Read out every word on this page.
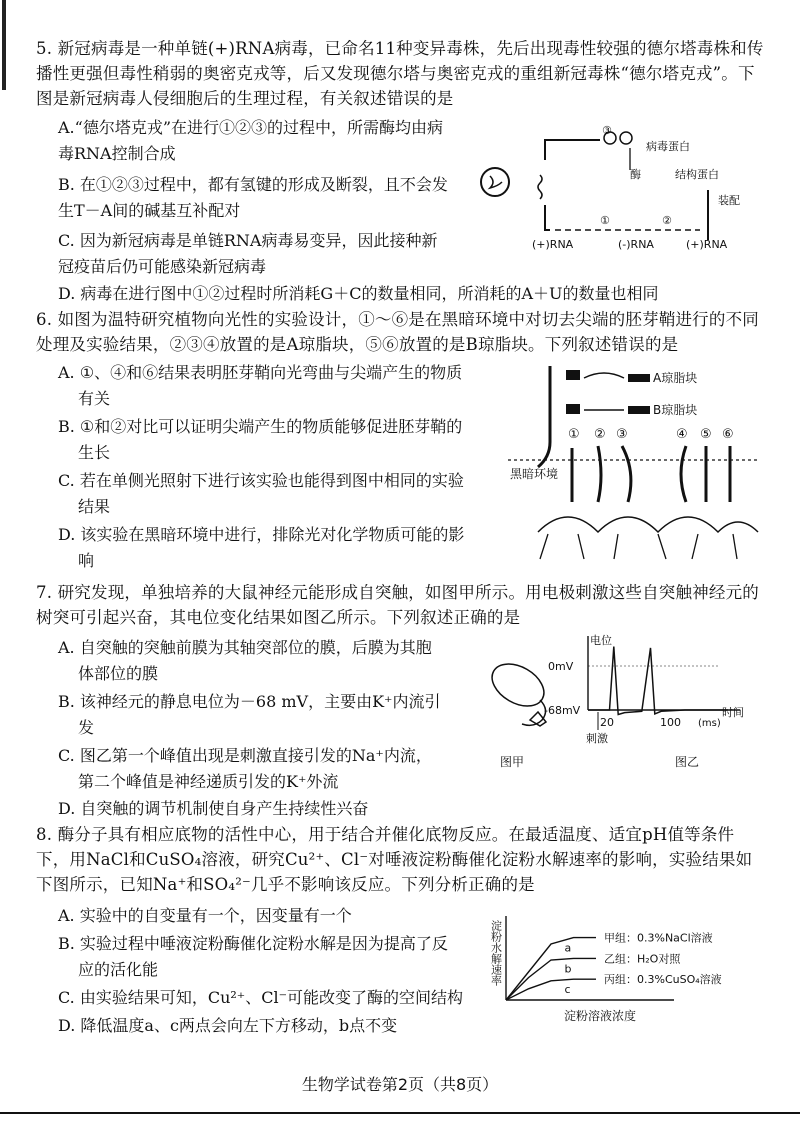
5. 新冠病毒是一种单链(+)RNA病毒，已命名11种变异毒株，先后出现毒性较强的德尔塔毒株和传播性更强但毒性稍弱的奥密克戎等，后又发现德尔塔与奥密克戎的重组新冠毒株“德尔塔克戎”。下图是新冠病毒人侵细胞后的生理过程，有关叙述错误的是
A.“德尔塔克戎”在进行①②③的过程中，所需酶均由病
毒RNA控制合成
B. 在①②③过程中，都有氢键的形成及断裂，且不会发
生T－A间的碱基互补配对
C. 因为新冠病毒是单链RNA病毒易变异，因此接种新
冠疫苗后仍可能感染新冠病毒
D. 病毒在进行图中①②过程时所消耗G＋C的数量相同，所消耗的A＋U的数量也相同
病毒蛋白
酶	结构蛋白
装配
①	②
③
(+)RNA	(-)RNA	(+)RNA
6. 如图为温特研究植物向光性的实验设计，①～⑥是在黑暗环境中对切去尖端的胚芽鞘进行的不同处理及实验结果，②③④放置的是A琼脂块，⑤⑥放置的是B琼脂块。下列叙述错误的是
A. ①、④和⑥结果表明胚芽鞘向光弯曲与尖端产生的物质
有关
B. ①和②对比可以证明尖端产生的物质能够促进胚芽鞘的
生长
C. 若在单侧光照射下进行该实验也能得到图中相同的实验
结果
D. 该实验在黑暗环境中进行，排除光对化学物质可能的影
响
A琼脂块
B琼脂块
① ② ③	④ ⑤ ⑥
黑暗环境
7. 研究发现，单独培养的大鼠神经元能形成自突触，如图甲所示。用电极刺激这些自突触神经元的树突可引起兴奋，其电位变化结果如图乙所示。下列叙述正确的是
A. 自突触的突触前膜为其轴突部位的膜，后膜为其胞
体部位的膜
B. 该神经元的静息电位为－68 mV，主要由K⁺内流引
发
C. 图乙第一个峰值出现是刺激直接引发的Na⁺内流，
第二个峰值是神经递质引发的K⁺外流
D. 自突触的调节机制使自身产生持续性兴奋
图甲
电位
0mV
-68mV
20	100 (ms)
时间
刺激
图乙
8. 酶分子具有相应底物的活性中心，用于结合并催化底物反应。在最适温度、适宜pH值等条件下，用NaCl和CuSO₄溶液，研究Cu²⁺、Cl⁻对唾液淀粉酶催化淀粉水解速率的影响，实验结果如下图所示，已知Na⁺和SO₄²⁻几乎不影响该反应。下列分析正确的是
A. 实验中的自变量有一个，因变量有一个
B. 实验过程中唾液淀粉酶催化淀粉水解是因为提高了反
应的活化能
C. 由实验结果可知，Cu²⁺、Cl⁻可能改变了酶的空间结构
D. 降低温度a、c两点会向左下方移动，b点不变
淀粉水解速率
淀粉溶液浓度
甲组：0.3%NaCl溶液
乙组：H₂O对照
丙组：0.3%CuSO₄溶液
a
b
c
生物学试卷第2页（共8页）
